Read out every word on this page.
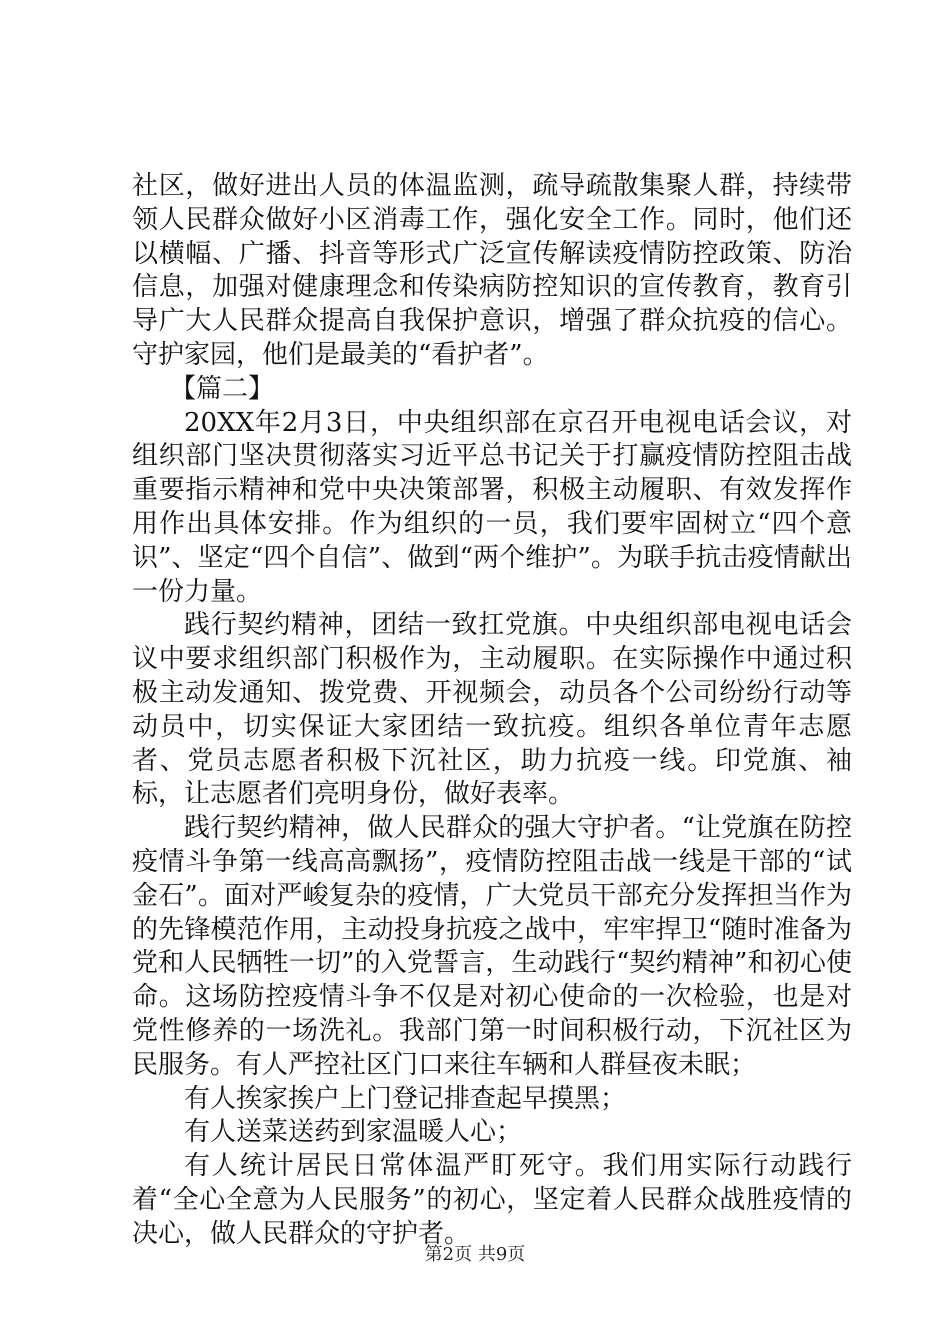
社区，做好进出人员的体温监测，疏导疏散集聚人群，持续带领人民群众做好小区消毒工作，强化安全工作。同时，他们还以横幅、广播、抖音等形式广泛宣传解读疫情防控政策、防治信息，加强对健康理念和传染病防控知识的宣传教育，教育引导广大人民群众提高自我保护意识，增强了群众抗疫的信心。守护家园，他们是最美的“看护者”。

【篇二】

20XX年2月3日，中央组织部在京召开电视电话会议，对组织部门坚决贯彻落实习近平总书记关于打赢疫情防控阻击战重要指示精神和党中央决策部署，积极主动履职、有效发挥作用作出具体安排。作为组织的一员，我们要牢固树立“四个意识”、坚定“四个自信”、做到“两个维护”。为联手抗击疫情献出一份力量。

践行契约精神，团结一致扛党旗。中央组织部电视电话会议中要求组织部门积极作为，主动履职。在实际操作中通过积极主动发通知、拨党费、开视频会，动员各个公司纷纷行动等动员中，切实保证大家团结一致抗疫。组织各单位青年志愿者、党员志愿者积极下沉社区，助力抗疫一线。印党旗、袖标，让志愿者们亮明身份，做好表率。

践行契约精神，做人民群众的强大守护者。“让党旗在防控疫情斗争第一线高高飘扬”，疫情防控阻击战一线是干部的“试金石”。面对严峻复杂的疫情，广大党员干部充分发挥担当作为的先锋模范作用，主动投身抗疫之战中，牢牢捍卫“随时准备为党和人民牺牲一切”的入党誓言，生动践行“契约精神”和初心使命。这场防控疫情斗争不仅是对初心使命的一次检验，也是对党性修养的一场洗礼。我部门第一时间积极行动，下沉社区为民服务。有人严控社区门口来往车辆和人群昼夜未眠；

有人挨家挨户上门登记排查起早摸黑；

有人送菜送药到家温暖人心；

有人统计居民日常体温严盯死守。我们用实际行动践行着“全心全意为人民服务”的初心，坚定着人民群众战胜疫情的决心，做人民群众的守护者。

第2页 共9页
